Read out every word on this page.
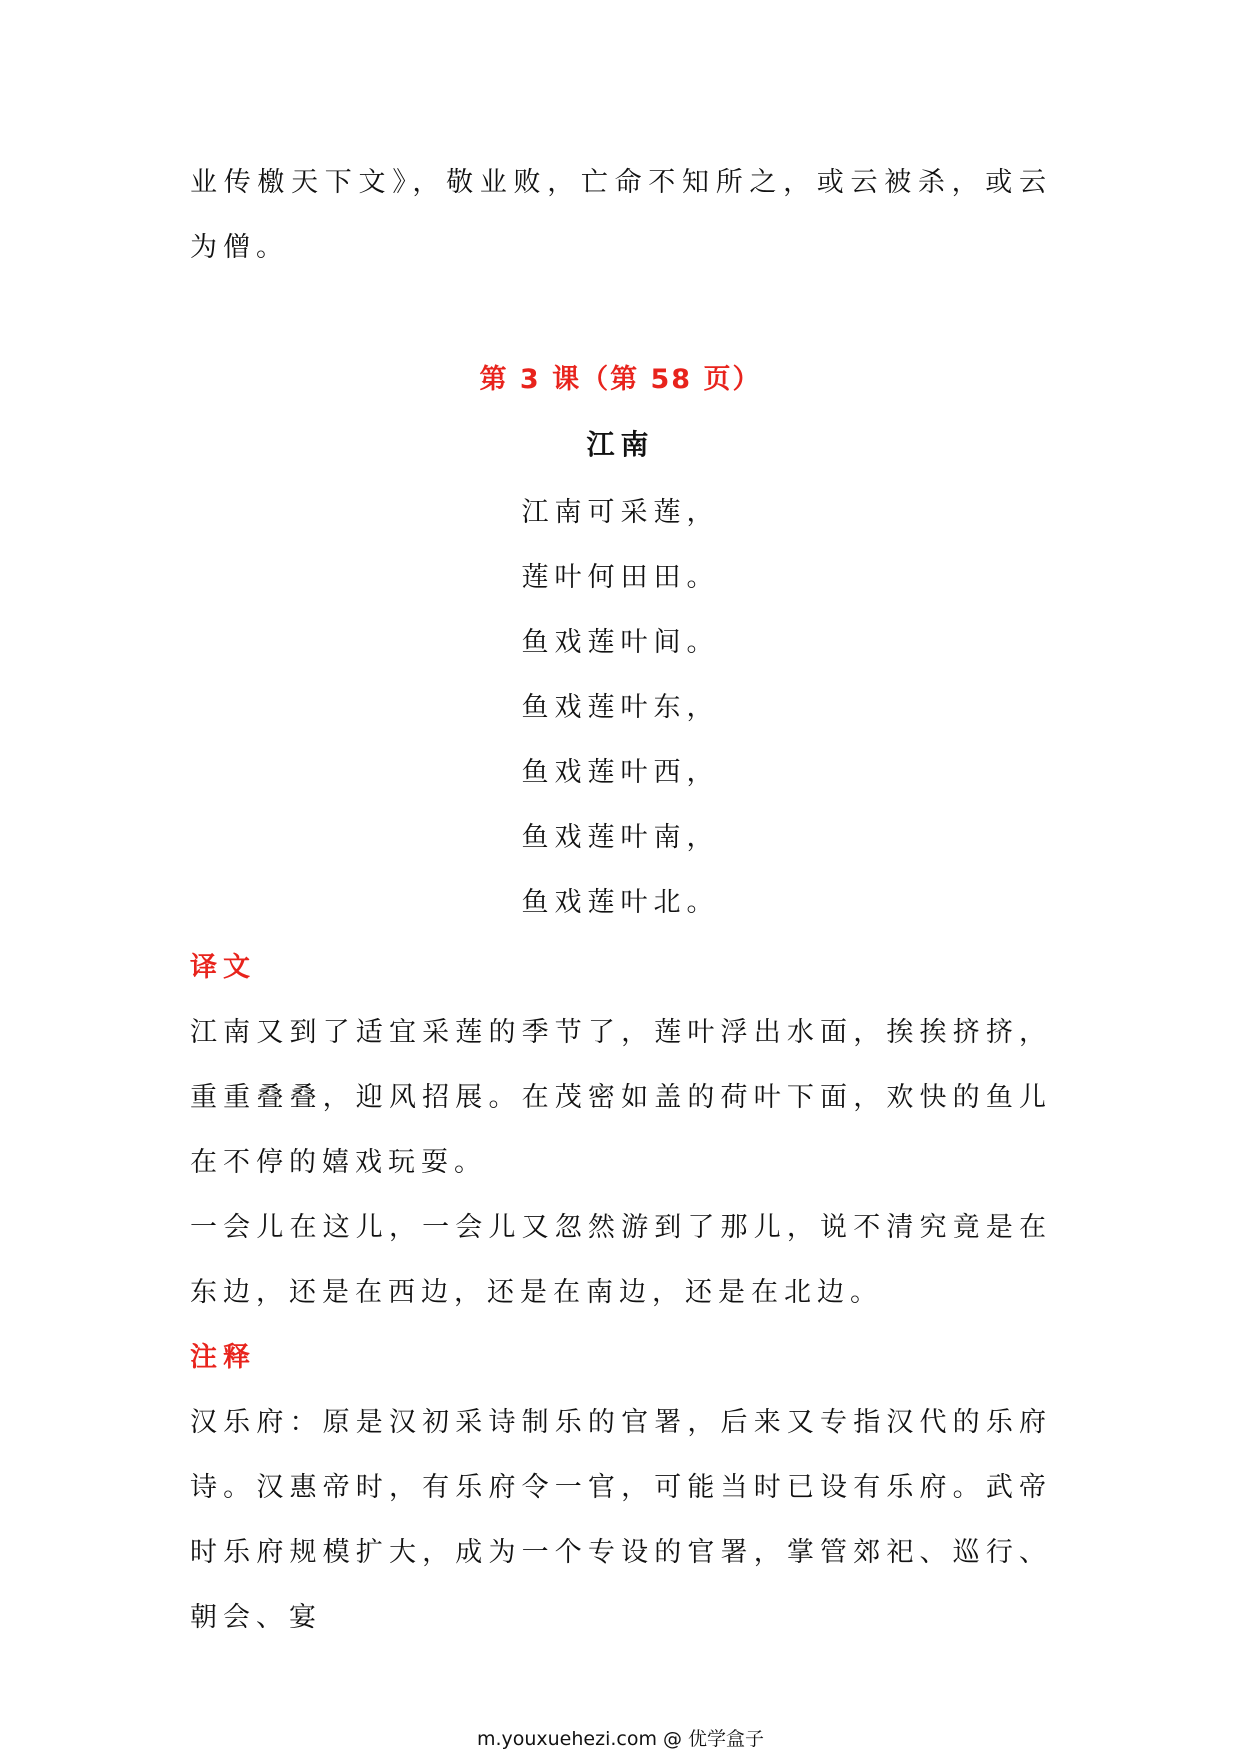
业传檄天下文》，敬业败，亡命不知所之，或云被杀，或云为僧。

第 3 课（第 58 页）
江南

江南可采莲，

莲叶何田田。

鱼戏莲叶间。

鱼戏莲叶东，

鱼戏莲叶西，

鱼戏莲叶南，

鱼戏莲叶北。

译文

江南又到了适宜采莲的季节了，莲叶浮出水面，挨挨挤挤，重重叠叠，迎风招展。在茂密如盖的荷叶下面，欢快的鱼儿在不停的嬉戏玩耍。

一会儿在这儿，一会儿又忽然游到了那儿，说不清究竟是在东边，还是在西边，还是在南边，还是在北边。

注释

汉乐府：原是汉初采诗制乐的官署，后来又专指汉代的乐府诗。汉惠帝时，有乐府令一官，可能当时已设有乐府。武帝时乐府规模扩大，成为一个专设的官署，掌管郊祀、巡行、朝会、宴

m.youxuehezi.com @ 优学盒子
